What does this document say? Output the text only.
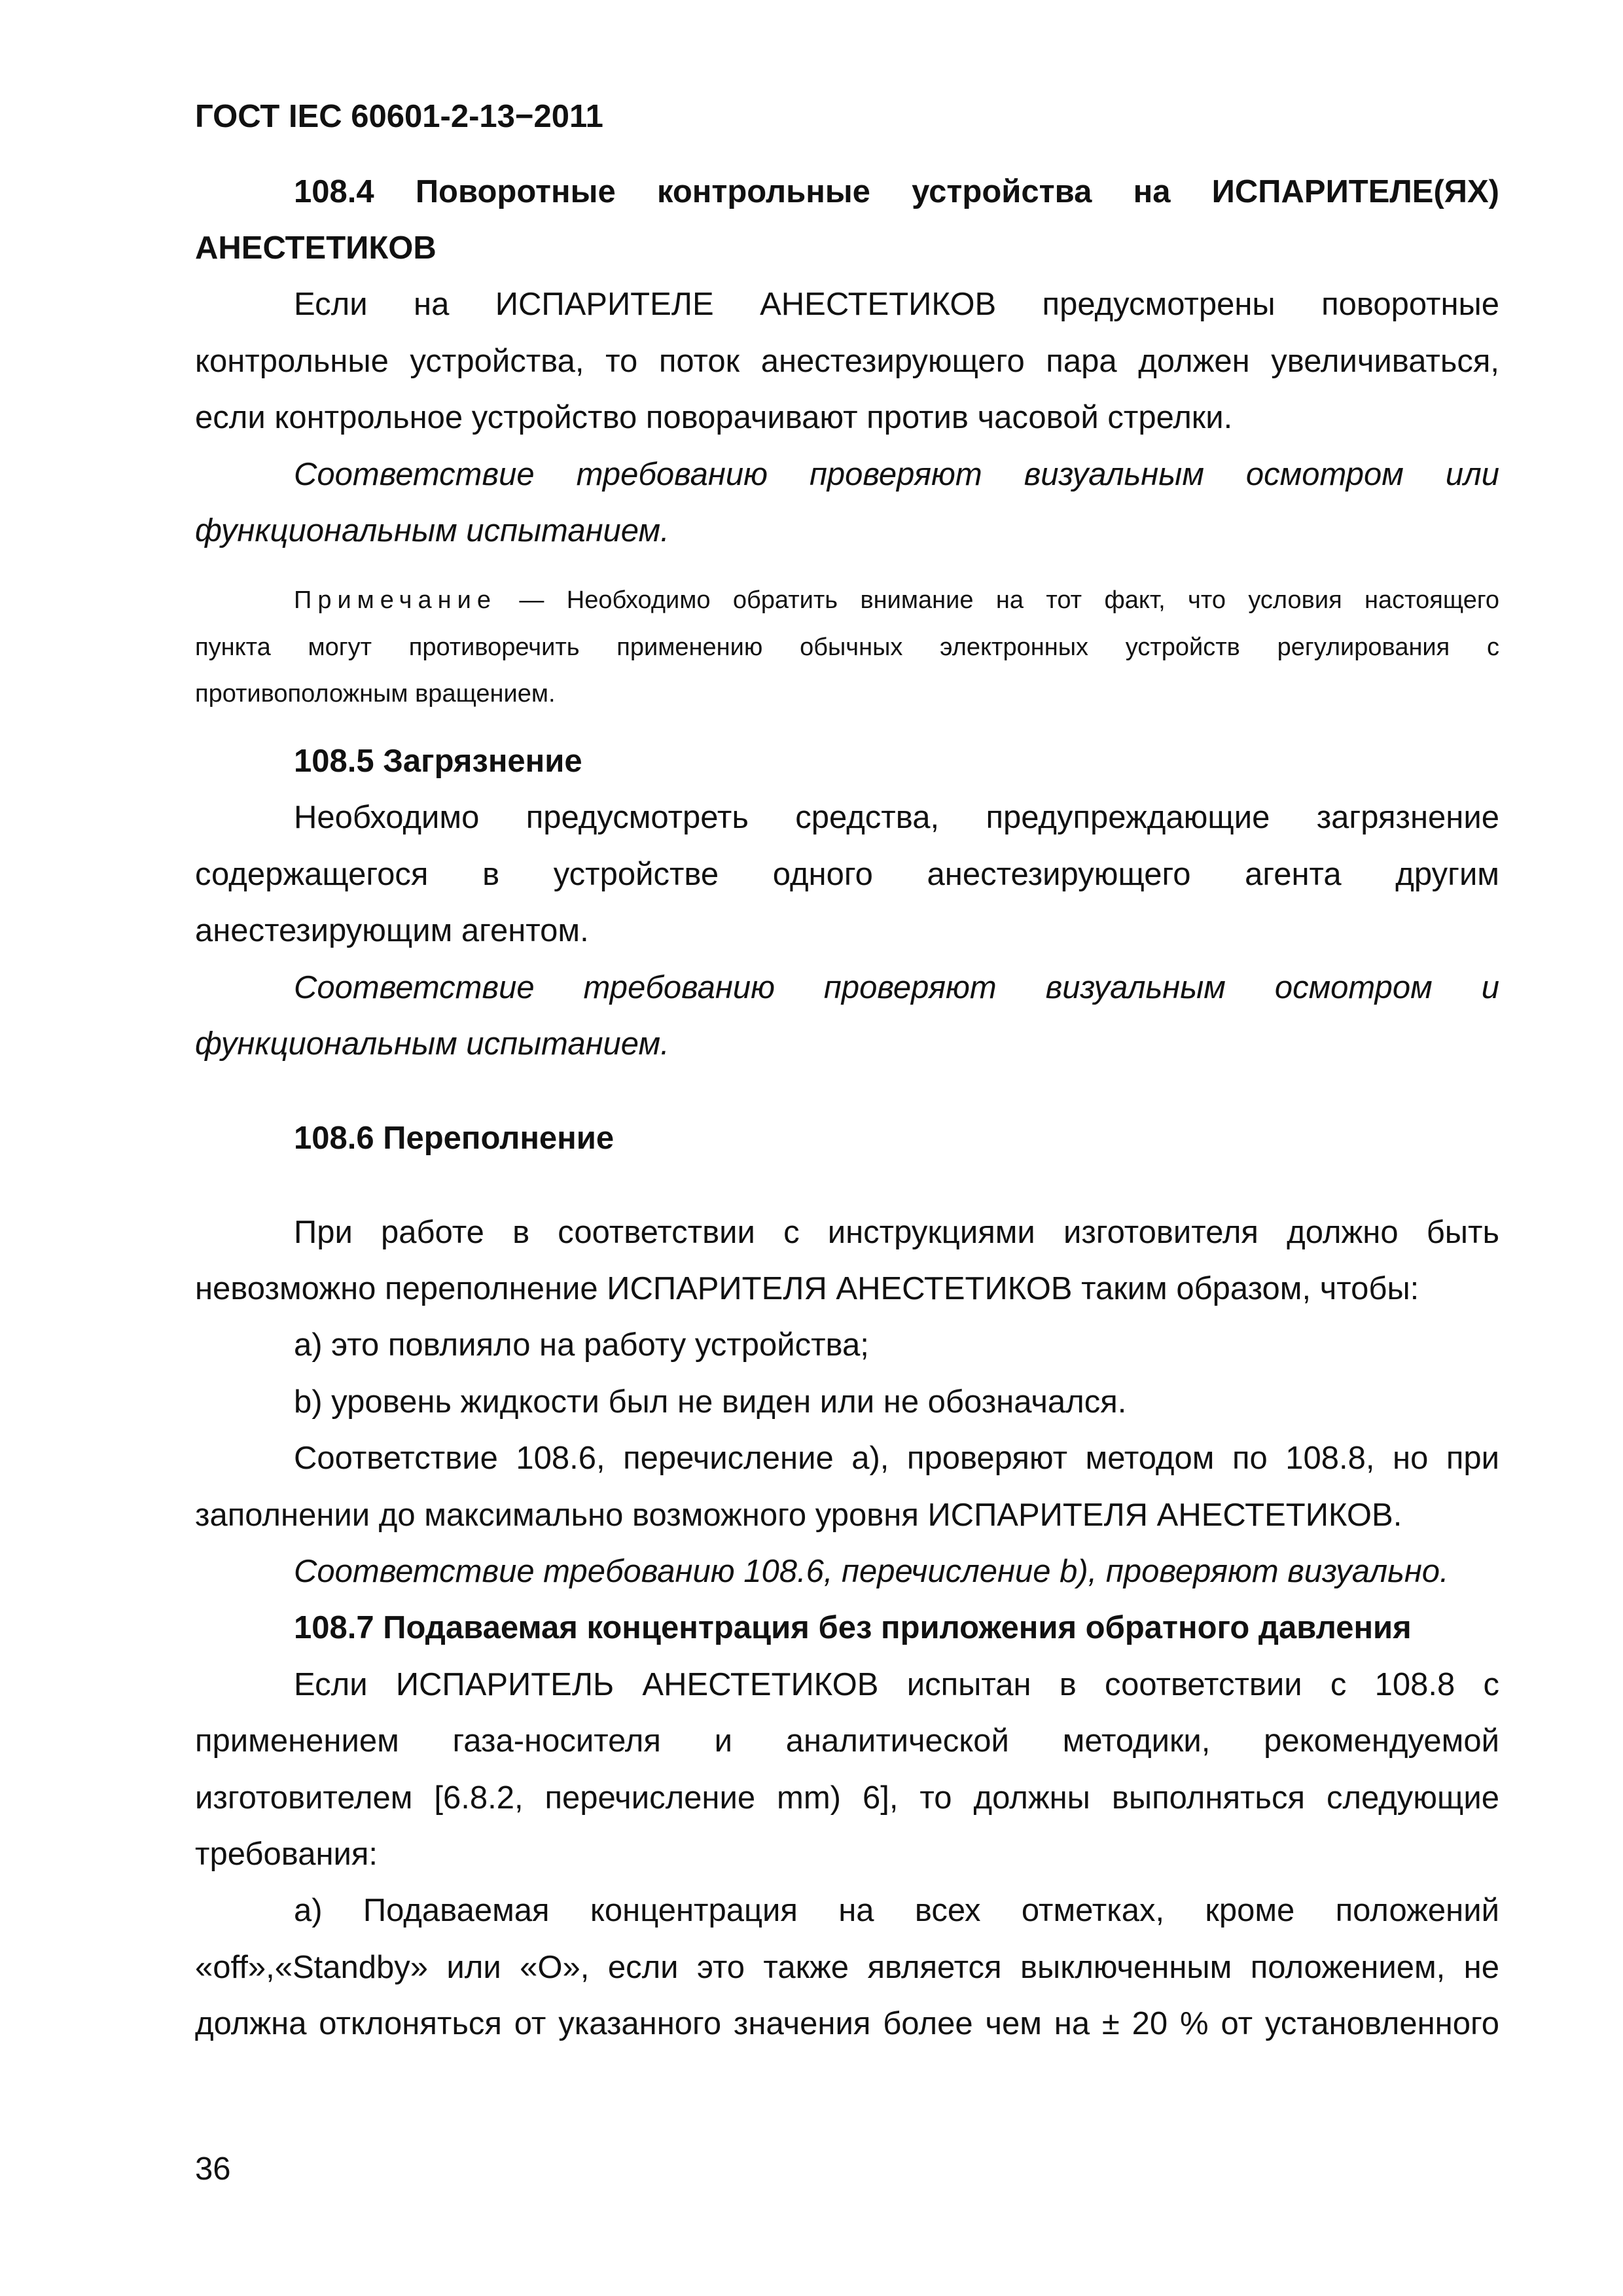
ГОСТ IEC 60601-2-13−2011
108.4 Поворотные контрольные устройства на ИСПАРИТЕЛЕ(ЯХ)
АНЕСТЕТИКОВ
Если на ИСПАРИТЕЛЕ АНЕСТЕТИКОВ предусмотрены поворотные
контрольные устройства, то поток анестезирующего пара должен увеличиваться,
если контрольное устройство поворачивают против часовой стрелки.
Соответствие требованию проверяют визуальным осмотром или
функциональным испытанием.
Примечание — Необходимо обратить внимание на тот факт, что условия настоящего
пункта могут противоречить применению обычных электронных устройств регулирования с
противоположным вращением.
108.5 Загрязнение
Необходимо предусмотреть средства, предупреждающие загрязнение
содержащегося в устройстве одного анестезирующего агента другим
анестезирующим агентом.
Соответствие требованию проверяют визуальным осмотром и
функциональным испытанием.
108.6 Переполнение
При работе в соответствии с инструкциями изготовителя должно быть
невозможно переполнение ИСПАРИТЕЛЯ АНЕСТЕТИКОВ таким образом, чтобы:
а) это повлияло на работу устройства;
b) уровень жидкости был не виден или не обозначался.
Соответствие 108.6, перечисление а), проверяют методом по 108.8, но при
заполнении до максимально возможного уровня ИСПАРИТЕЛЯ АНЕСТЕТИКОВ.
Соответствие требованию 108.6, перечисление b), проверяют визуально.
108.7 Подаваемая концентрация без приложения обратного давления
Если ИСПАРИТЕЛЬ АНЕСТЕТИКОВ испытан в соответствии с 108.8 с
применением газа-носителя и аналитической методики, рекомендуемой
изготовителем [6.8.2, перечисление mm) 6], то должны выполняться следующие
требования:
а) Подаваемая концентрация на всех отметках, кроме положений
«off»,«Standby» или «O», если это также является выключенным положением, не
должна отклоняться от указанного значения более чем на ± 20 % от установленного
36
